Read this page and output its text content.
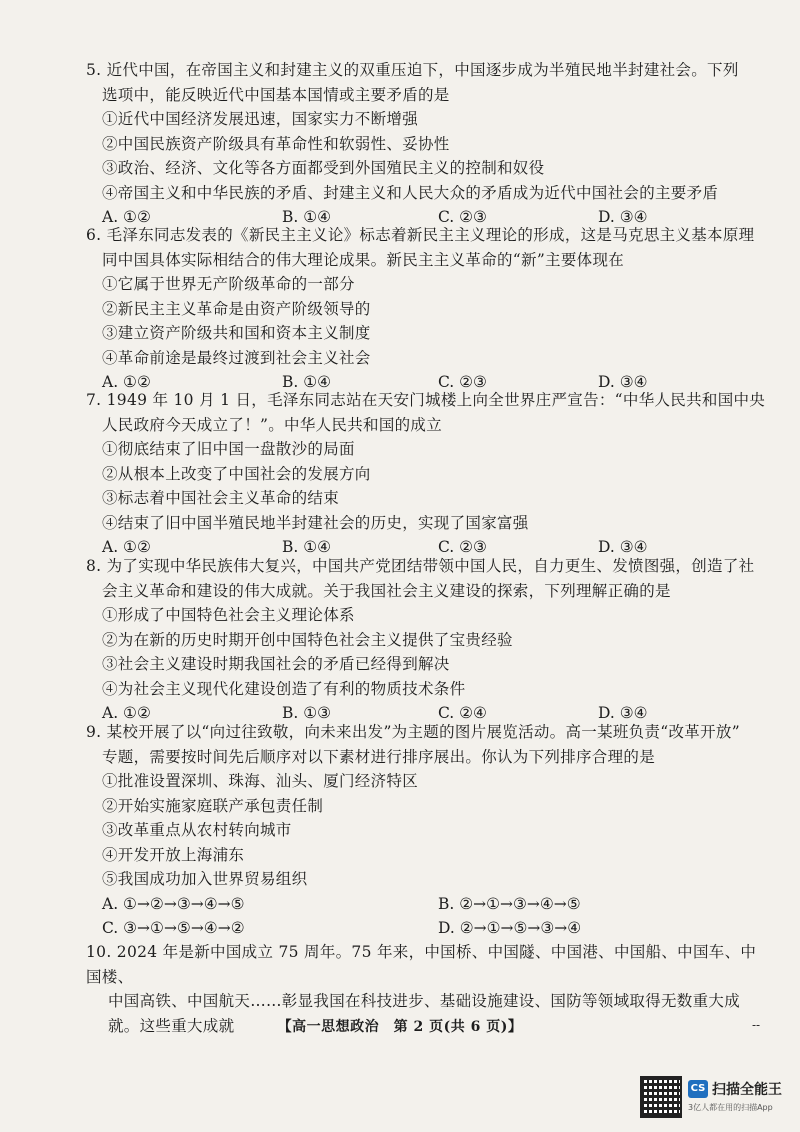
5. 近代中国，在帝国主义和封建主义的双重压迫下，中国逐步成为半殖民地半封建社会。下列

选项中，能反映近代中国基本国情或主要矛盾的是

①近代中国经济发展迅速，国家实力不断增强

②中国民族资产阶级具有革命性和软弱性、妥协性

③政治、经济、文化等各方面都受到外国殖民主义的控制和奴役

④帝国主义和中华民族的矛盾、封建主义和人民大众的矛盾成为近代中国社会的主要矛盾

A. ①②	B. ①④	C. ②③	D. ③④

6. 毛泽东同志发表的《新民主主义论》标志着新民主主义理论的形成，这是马克思主义基本原理

同中国具体实际相结合的伟大理论成果。新民主主义革命的“新”主要体现在

①它属于世界无产阶级革命的一部分

②新民主主义革命是由资产阶级领导的

③建立资产阶级共和国和资本主义制度

④革命前途是最终过渡到社会主义社会

A. ①②	B. ①④	C. ②③	D. ③④

7. 1949 年 10 月 1 日，毛泽东同志站在天安门城楼上向全世界庄严宣告：“中华人民共和国中央

人民政府今天成立了！”。中华人民共和国的成立

①彻底结束了旧中国一盘散沙的局面

②从根本上改变了中国社会的发展方向

③标志着中国社会主义革命的结束

④结束了旧中国半殖民地半封建社会的历史，实现了国家富强

A. ①②	B. ①④	C. ②③	D. ③④

8. 为了实现中华民族伟大复兴，中国共产党团结带领中国人民，自力更生、发愤图强，创造了社

会主义革命和建设的伟大成就。关于我国社会主义建设的探索，下列理解正确的是

①形成了中国特色社会主义理论体系

②为在新的历史时期开创中国特色社会主义提供了宝贵经验

③社会主义建设时期我国社会的矛盾已经得到解决

④为社会主义现代化建设创造了有利的物质技术条件

A. ①②	B. ①③	C. ②④	D. ③④

9. 某校开展了以“向过往致敬，向未来出发”为主题的图片展览活动。高一某班负责“改革开放”

专题，需要按时间先后顺序对以下素材进行排序展出。你认为下列排序合理的是

①批准设置深圳、珠海、汕头、厦门经济特区

②开始实施家庭联产承包责任制

③改革重点从农村转向城市

④开发开放上海浦东

⑤我国成功加入世界贸易组织

A. ①→②→③→④→⑤	B. ②→①→③→④→⑤
C. ③→①→⑤→④→②	D. ②→①→⑤→③→④

10. 2024 年是新中国成立 75 周年。75 年来，中国桥、中国隧、中国港、中国船、中国车、中国楼、

中国高铁、中国航天……彰显我国在科技进步、基础设施建设、国防等领域取得无数重大成

就。这些重大成就	【高一思想政治　第 2 页(共 6 页)】	--
CS 扫描全能王
3亿人都在用的扫描App
